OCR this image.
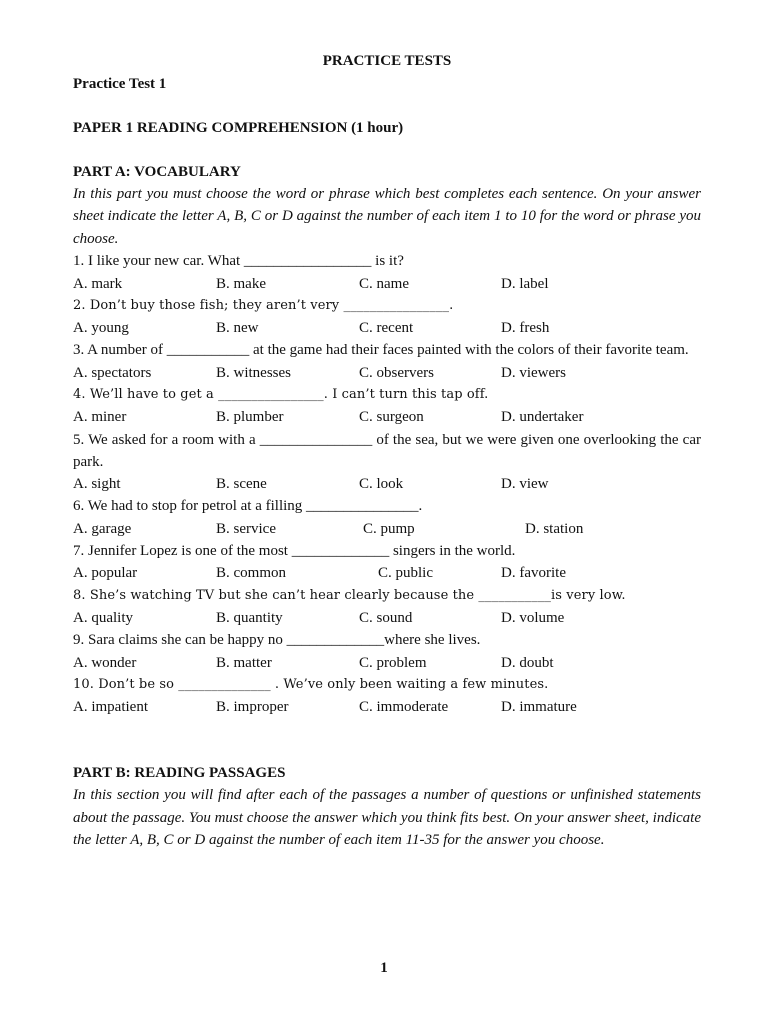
PRACTICE TESTS
Practice Test 1
PAPER 1 READING COMPREHENSION (1 hour)
PART A: VOCABULARY
In this part you must choose the word or phrase which best completes each sentence. On your answer sheet indicate the letter A, B, C or D against the number of each item 1 to 10 for the word or phrase you choose.
1. I like your new car. What _________________ is it?
A. mark	B. make	C. name	D. label
2. Don’t buy those fish; they aren’t very ________________.
A. young	B. new	C. recent	D. fresh
3. A number of ___________ at the game had their faces painted with the colors of their favorite team.
A. spectators	B. witnesses	C. observers	D. viewers
4. We’ll have to get a ________________. I can’t turn this tap off.
A. miner	B. plumber	C. surgeon	D. undertaker
5. We asked for a room with a _______________ of the sea, but we were given one overlooking the car park.
A. sight	B. scene	C. look	D. view
6. We had to stop for petrol at a filling _______________.
A. garage	B. service	C. pump	D. station
7. Jennifer Lopez is one of the most _____________ singers in the world.
A. popular	B. common	C. public	D. favorite
8. She’s watching TV but she can’t hear clearly because the ___________is very low.
A. quality	B. quantity	C. sound	D. volume
9. Sara claims she can be happy no _____________where she lives.
A. wonder	B. matter	C. problem	D. doubt
10. Don’t be so ______________ . We’ve only been waiting a few minutes.
A. impatient	B. improper	C. immoderate	D. immature
PART B: READING PASSAGES
In this section you will find after each of the passages a number of questions or unfinished statements about the passage. You must choose the answer which you think fits best. On your answer sheet, indicate the letter A, B, C or D against the number of each item 11-35 for the answer you choose.
1
